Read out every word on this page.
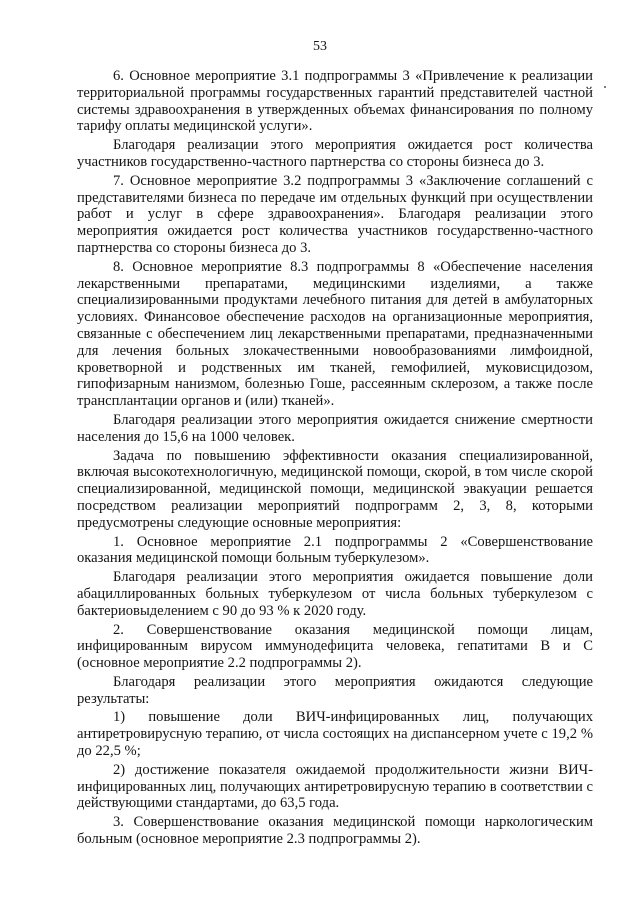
53

6. Основное мероприятие 3.1 подпрограммы 3 «Привлечение к реализации территориальной программы государственных гарантий представителей частной системы здравоохранения в утвержденных объемах финансирования по полному тарифу оплаты медицинской услуги».

Благодаря реализации этого мероприятия ожидается рост количества участников государственно-частного партнерства со стороны бизнеса до 3.

7. Основное мероприятие 3.2 подпрограммы 3 «Заключение соглашений с представителями бизнеса по передаче им отдельных функций при осуществлении работ и услуг в сфере здравоохранения». Благодаря реализации этого мероприятия ожидается рост количества участников государственно-частного партнерства со стороны бизнеса до 3.

8. Основное мероприятие 8.3 подпрограммы 8 «Обеспечение населения лекарственными препаратами, медицинскими изделиями, а также специализированными продуктами лечебного питания для детей в амбулаторных условиях. Финансовое обеспечение расходов на организационные мероприятия, связанные с обеспечением лиц лекарственными препаратами, предназначенными для лечения больных злокачественными новообразованиями лимфоидной, кроветворной и родственных им тканей, гемофилией, муковисцидозом, гипофизарным нанизмом, болезнью Гоше, рассеянным склерозом, а также после трансплантации органов и (или) тканей».

Благодаря реализации этого мероприятия ожидается снижение смертности населения до 15,6 на 1000 человек.

Задача по повышению эффективности оказания специализированной, включая высокотехнологичную, медицинской помощи, скорой, в том числе скорой специализированной, медицинской помощи, медицинской эвакуации решается посредством реализации мероприятий подпрограмм 2, 3, 8, которыми предусмотрены следующие основные мероприятия:

1. Основное мероприятие 2.1 подпрограммы 2 «Совершенствование оказания медицинской помощи больным туберкулезом».

Благодаря реализации этого мероприятия ожидается повышение доли абациллированных больных туберкулезом от числа больных туберкулезом с бактериовыделением с 90 до 93 % к 2020 году.

2. Совершенствование оказания медицинской помощи лицам, инфицированным вирусом иммунодефицита человека, гепатитами B и C (основное мероприятие 2.2 подпрограммы 2).

Благодаря реализации этого мероприятия ожидаются следующие результаты:

1) повышение доли ВИЧ-инфицированных лиц, получающих антиретровирусную терапию, от числа состоящих на диспансерном учете с 19,2 % до 22,5 %;

2) достижение показателя ожидаемой продолжительности жизни ВИЧ-инфицированных лиц, получающих антиретровирусную терапию в соответствии с действующими стандартами, до 63,5 года.

3. Совершенствование оказания медицинской помощи наркологическим больным (основное мероприятие 2.3 подпрограммы 2).
